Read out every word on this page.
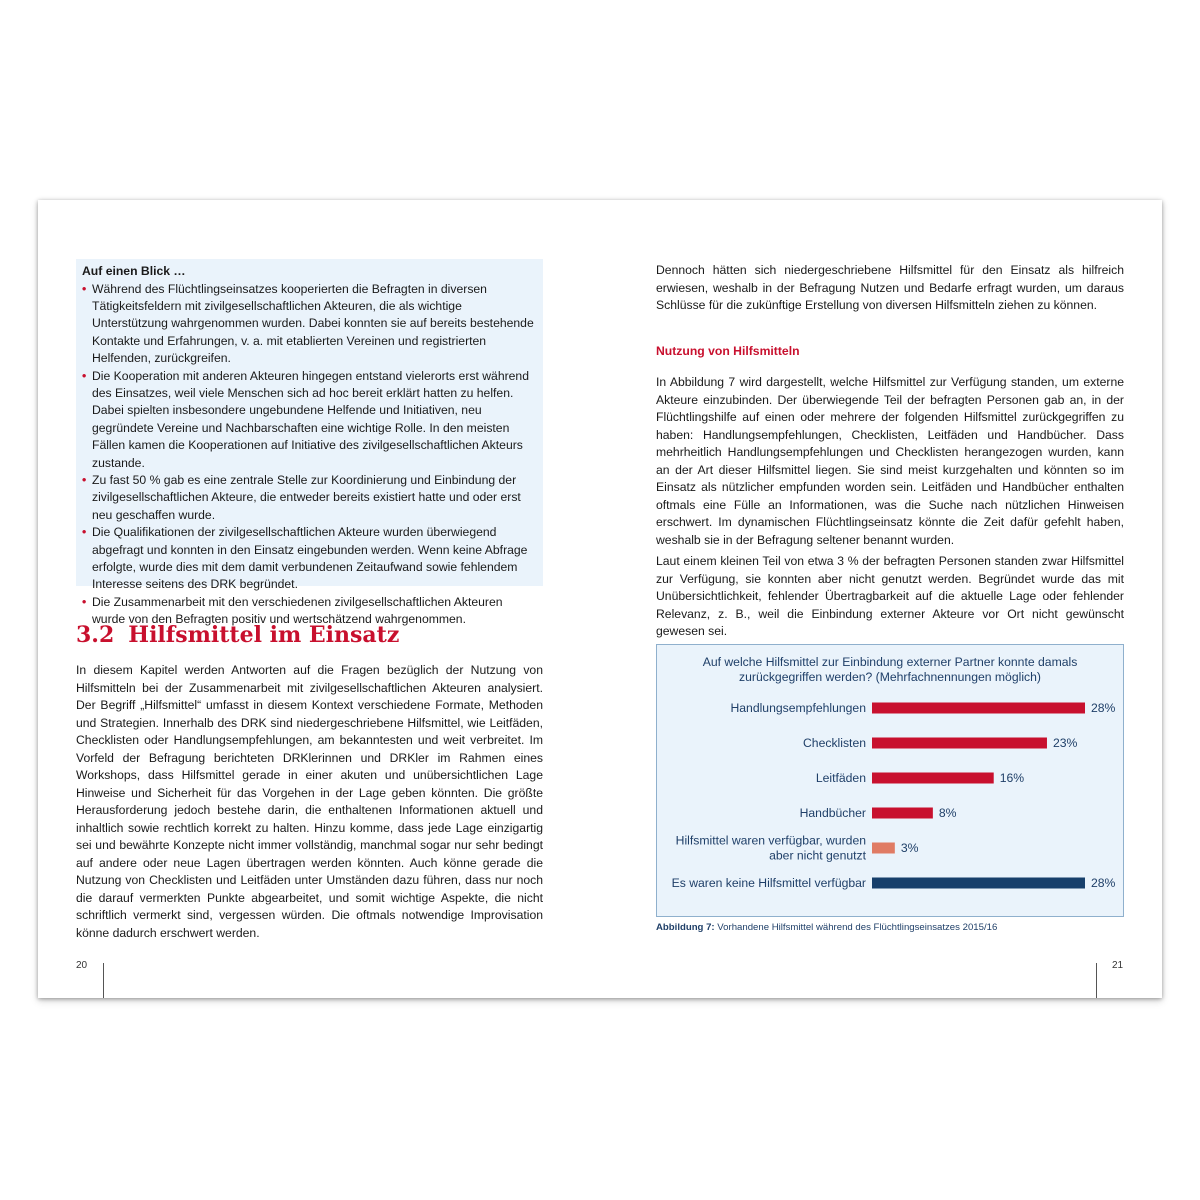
Auf einen Blick …
• Während des Flüchtlingseinsatzes kooperierten die Befragten in diversen Tätigkeitsfeldern mit zivilgesellschaftlichen Akteuren, die als wichtige Unterstützung wahrgenommen wurden. Dabei konnten sie auf bereits bestehende Kontakte und Erfahrungen, v. a. mit etablierten Vereinen und registrierten Helfenden, zurückgreifen.
• Die Kooperation mit anderen Akteuren hingegen entstand vielerorts erst während des Einsatzes, weil viele Menschen sich ad hoc bereit erklärt hatten zu helfen. Dabei spielten insbesondere ungebundene Helfende und Initiativen, neu gegründete Vereine und Nachbarschaften eine wichtige Rolle. In den meisten Fällen kamen die Kooperationen auf Initiative des zivilgesellschaftlichen Akteurs zustande.
• Zu fast 50 % gab es eine zentrale Stelle zur Koordinierung und Einbindung der zivilgesellschaftlichen Akteure, die entweder bereits existiert hatte und oder erst neu geschaffen wurde.
• Die Qualifikationen der zivilgesellschaftlichen Akteure wurden überwiegend abgefragt und konnten in den Einsatz eingebunden werden. Wenn keine Abfrage erfolgte, wurde dies mit dem damit verbundenen Zeitaufwand sowie fehlendem Interesse seitens des DRK begründet.
• Die Zusammenarbeit mit den verschiedenen zivilgesellschaftlichen Akteuren wurde von den Befragten positiv und wertschätzend wahrgenommen.
3.2 Hilfsmittel im Einsatz
In diesem Kapitel werden Antworten auf die Fragen bezüglich der Nutzung von Hilfsmitteln bei der Zusammenarbeit mit zivilgesellschaftlichen Akteuren analysiert. Der Begriff „Hilfsmittel“ umfasst in diesem Kontext verschiedene Formate, Methoden und Strategien. Innerhalb des DRK sind niedergeschriebene Hilfsmittel, wie Leitfäden, Checklisten oder Handlungsempfehlungen, am bekanntesten und weit verbreitet. Im Vorfeld der Befragung berichteten DRKlerinnen und DRKler im Rahmen eines Workshops, dass Hilfsmittel gerade in einer akuten und unübersichtlichen Lage Hinweise und Sicherheit für das Vorgehen in der Lage geben könnten. Die größte Herausforderung jedoch bestehe darin, die enthaltenen Informationen aktuell und inhaltlich sowie rechtlich korrekt zu halten. Hinzu komme, dass jede Lage einzigartig sei und bewährte Konzepte nicht immer vollständig, manchmal sogar nur sehr bedingt auf andere oder neue Lagen übertragen werden könnten. Auch könne gerade die Nutzung von Checklisten und Leitfäden unter Umständen dazu führen, dass nur noch die darauf vermerkten Punkte abgearbeitet, und somit wichtige Aspekte, die nicht schriftlich vermerkt sind, vergessen würden. Die oftmals notwendige Improvisation könne dadurch erschwert werden.
20
Dennoch hätten sich niedergeschriebene Hilfsmittel für den Einsatz als hilfreich erwiesen, weshalb in der Befragung Nutzen und Bedarfe erfragt wurden, um daraus Schlüsse für die zukünftige Erstellung von diversen Hilfsmitteln ziehen zu können.
Nutzung von Hilfsmitteln
In Abbildung 7 wird dargestellt, welche Hilfsmittel zur Verfügung standen, um externe Akteure einzubinden. Der überwiegende Teil der befragten Personen gab an, in der Flüchtlingshilfe auf einen oder mehrere der folgenden Hilfsmittel zurückgegriffen zu haben: Handlungsempfehlungen, Checklisten, Leitfäden und Handbücher. Dass mehrheitlich Handlungsempfehlungen und Checklisten herangezogen wurden, kann an der Art dieser Hilfsmittel liegen. Sie sind meist kurzgehalten und könnten so im Einsatz als nützlicher empfunden worden sein. Leitfäden und Handbücher enthalten oftmals eine Fülle an Informationen, was die Suche nach nützlichen Hinweisen erschwert. Im dynamischen Flüchtlingseinsatz könnte die Zeit dafür gefehlt haben, weshalb sie in der Befragung seltener benannt wurden.
Laut einem kleinen Teil von etwa 3 % der befragten Personen standen zwar Hilfsmittel zur Verfügung, sie konnten aber nicht genutzt werden. Begründet wurde das mit Unübersichtlichkeit, fehlender Übertragbarkeit auf die aktuelle Lage oder fehlender Relevanz, z. B., weil die Einbindung externer Akteure vor Ort nicht gewünscht gewesen sei.
Auf welche Hilfsmittel zur Einbindung externer Partner konnte damals
zurückgegriffen werden? (Mehrfachnennungen möglich)
Handlungsempfehlungen	28%
Checklisten	23%
Leitfäden	16%
Handbücher	8%
Hilfsmittel waren verfügbar, wurden
aber nicht genutzt
3%
Es waren keine Hilfsmittel verfügbar	28%
Abbildung 7: Vorhandene Hilfsmittel während des Flüchtlingseinsatzes 2015/16
21
